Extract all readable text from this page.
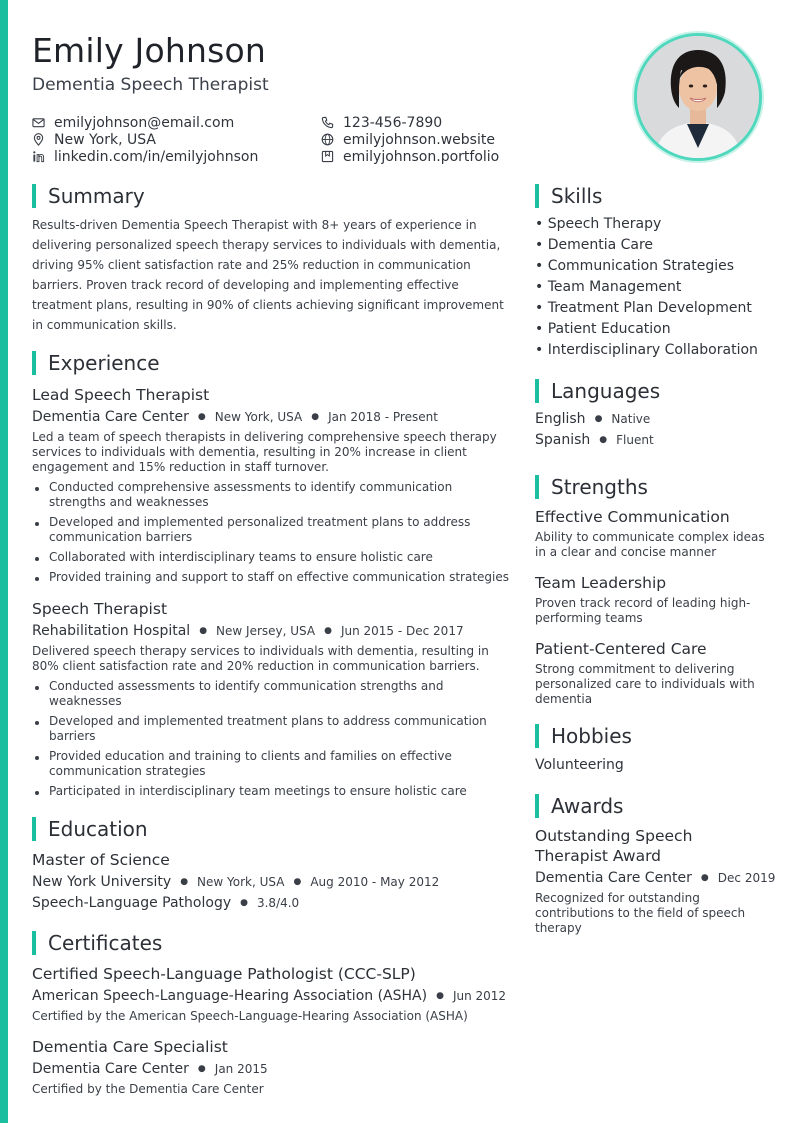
Emily Johnson
Dementia Speech Therapist
emilyjohnson@email.com
New York, USA
linkedin.com/in/emilyjohnson
123-456-7890
emilyjohnson.website
emilyjohnson.portfolio
Summary
Results-driven Dementia Speech Therapist with 8+ years of experience in delivering personalized speech therapy services to individuals with dementia, driving 95% client satisfaction rate and 25% reduction in communication barriers. Proven track record of developing and implementing effective treatment plans, resulting in 90% of clients achieving significant improvement in communication skills.
Experience
Lead Speech Therapist
Dementia Care Center ● New York, USA ● Jan 2018 - Present
Led a team of speech therapists in delivering comprehensive speech therapy services to individuals with dementia, resulting in 20% increase in client engagement and 15% reduction in staff turnover.
Conducted comprehensive assessments to identify communication strengths and weaknesses
Developed and implemented personalized treatment plans to address communication barriers
Collaborated with interdisciplinary teams to ensure holistic care
Provided training and support to staff on effective communication strategies
Speech Therapist
Rehabilitation Hospital ● New Jersey, USA ● Jun 2015 - Dec 2017
Delivered speech therapy services to individuals with dementia, resulting in 80% client satisfaction rate and 20% reduction in communication barriers.
Conducted assessments to identify communication strengths and weaknesses
Developed and implemented treatment plans to address communication barriers
Provided education and training to clients and families on effective communication strategies
Participated in interdisciplinary team meetings to ensure holistic care
Education
Master of Science
New York University ● New York, USA ● Aug 2010 - May 2012
Speech-Language Pathology ● 3.8/4.0
Certificates
Certified Speech-Language Pathologist (CCC-SLP)
American Speech-Language-Hearing Association (ASHA) ● Jun 2012
Certified by the American Speech-Language-Hearing Association (ASHA)
Dementia Care Specialist
Dementia Care Center ● Jan 2015
Certified by the Dementia Care Center
Skills
• Speech Therapy
• Dementia Care
• Communication Strategies
• Team Management
• Treatment Plan Development
• Patient Education
• Interdisciplinary Collaboration
Languages
English ● Native
Spanish ● Fluent
Strengths
Effective Communication
Ability to communicate complex ideas in a clear and concise manner
Team Leadership
Proven track record of leading high-performing teams
Patient-Centered Care
Strong commitment to delivering personalized care to individuals with dementia
Hobbies
Volunteering
Awards
Outstanding Speech Therapist Award
Dementia Care Center ● Dec 2019
Recognized for outstanding contributions to the field of speech therapy
